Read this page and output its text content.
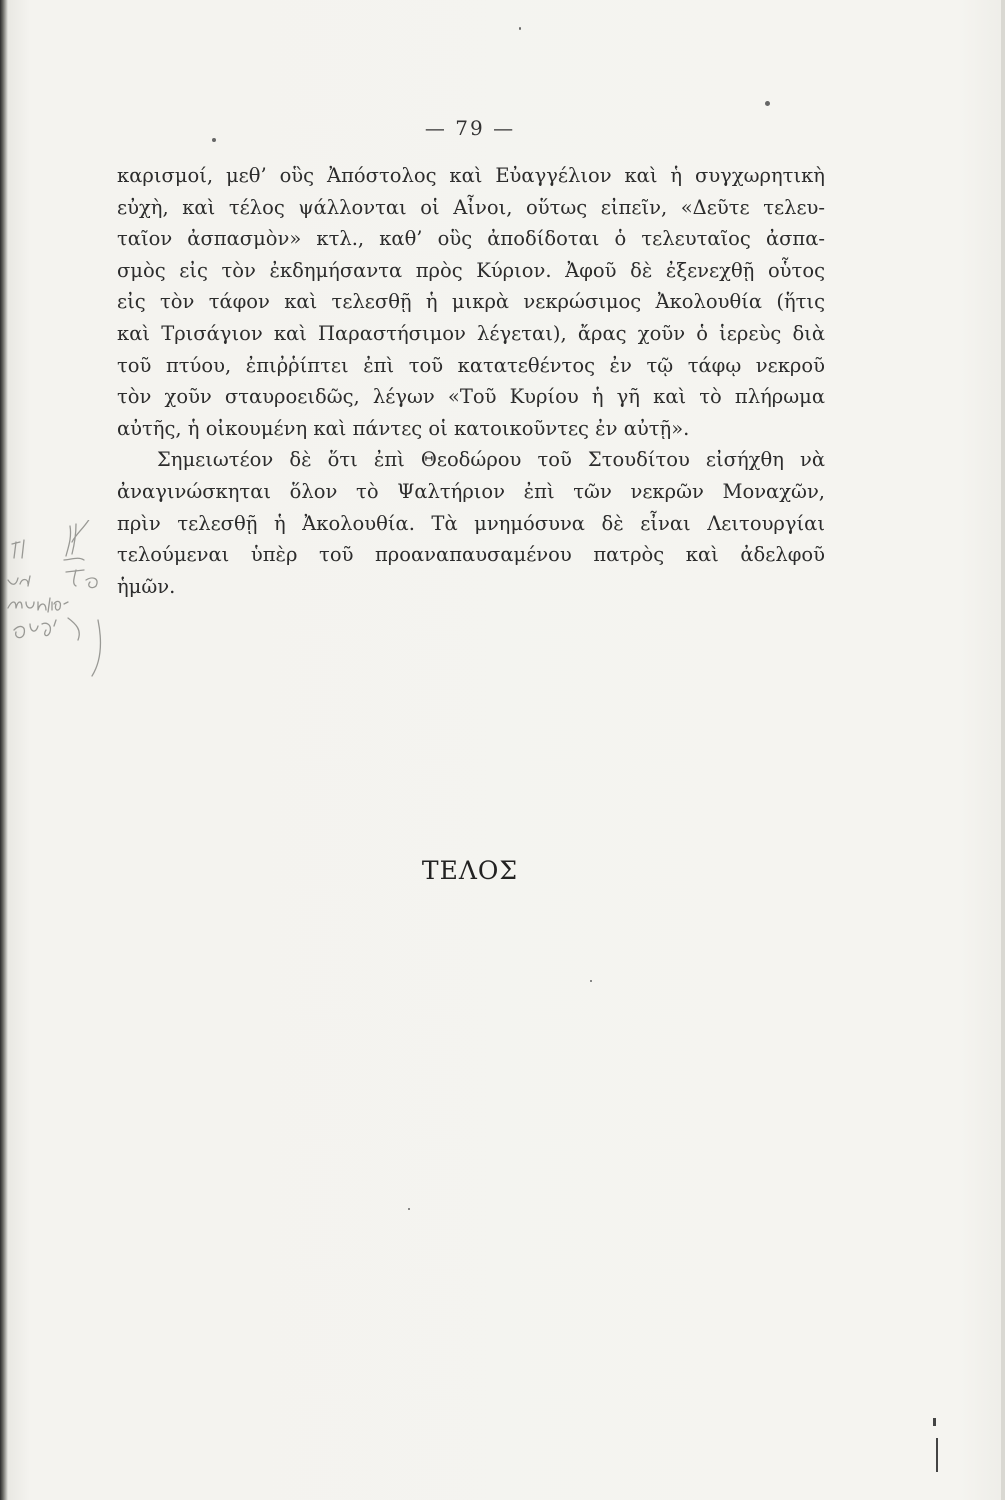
— 79 —
καρισμοί, μεθ’ οὓς Ἀπόστολος καὶ Εὐαγγέλιον καὶ ἡ συγχωρητικὴ
εὐχὴ, καὶ τέλος ψάλλονται οἱ Αἶνοι, οὕτως εἰπεῖν, «Δεῦτε τελευ-
ταῖον ἀσπασμὸν» κτλ., καθ’ οὓς ἀποδίδοται ὁ τελευταῖος ἀσπα-
σμὸς εἰς τὸν ἐκδημήσαντα πρὸς Κύριον. Ἀφοῦ δὲ ἐξενεχθῇ οὗτος
εἰς τὸν τάφον καὶ τελεσθῇ ἡ μικρὰ νεκρώσιμος Ἀκολουθία (ἥτις
καὶ Τρισάγιον καὶ Παραστήσιμον λέγεται), ἄρας χοῦν ὁ ἱερεὺς διὰ
τοῦ πτύου, ἐπιῤῥίπτει ἐπὶ τοῦ κατατεθέντος ἐν τῷ τάφῳ νεκροῦ
τὸν χοῦν σταυροειδῶς, λέγων «Τοῦ Κυρίου ἡ γῆ καὶ τὸ πλήρωμα
αὐτῆς, ἡ οἰκουμένη καὶ πάντες οἱ κατοικοῦντες ἐν αὐτῇ».
Σημειωτέον δὲ ὅτι ἐπὶ Θεοδώρου τοῦ Στουδίτου εἰσήχθη νὰ
ἀναγινώσκηται ὅλον τὸ Ψαλτήριον ἐπὶ τῶν νεκρῶν Μοναχῶν,
πρὶν τελεσθῇ ἡ Ἀκολουθία. Τὰ μνημόσυνα δὲ εἶναι Λειτουργίαι
τελούμεναι ὑπὲρ τοῦ προαναπαυσαμένου πατρὸς καὶ ἀδελφοῦ
ἡμῶν.
ΤΕΛΟΣ
